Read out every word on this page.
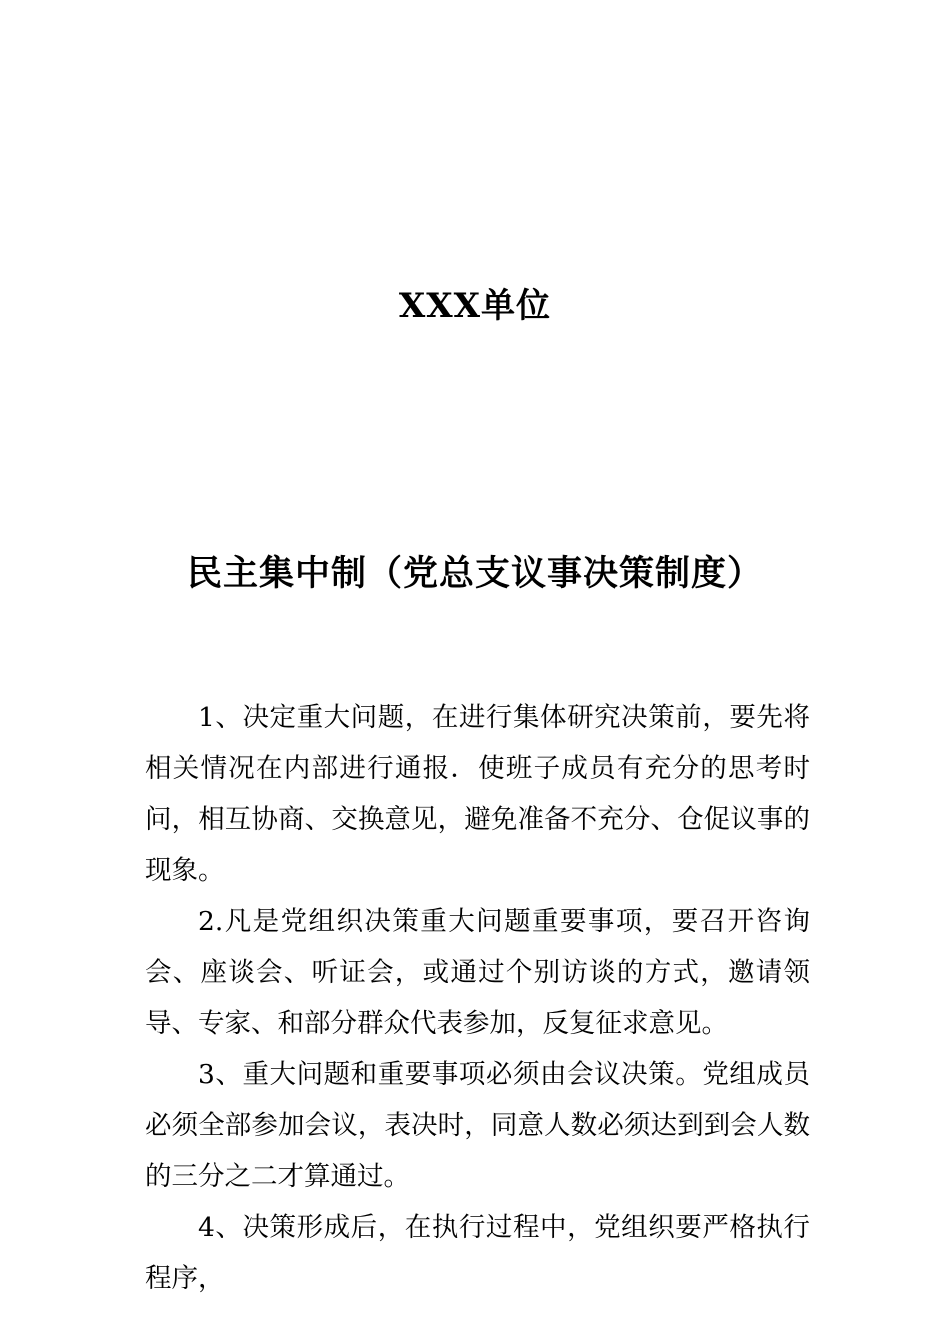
XXX单位
民主集中制（党总支议事决策制度）

1、决定重大问题，在进行集体研究决策前，要先将相关情况在内部进行通报．使班子成员有充分的思考时问，相互协商、交换意见，避免准备不充分、仓促议事的现象。

2.凡是党组织决策重大问题重要事项，要召开咨询会、座谈会、听证会，或通过个别访谈的方式，邀请领导、专家、和部分群众代表参加，反复征求意见。

3、重大问题和重要事项必须由会议决策。党组成员必须全部参加会议，表决时，同意人数必须达到到会人数的三分之二才算通过。

4、决策形成后，在执行过程中，党组织要严格执行程序，
